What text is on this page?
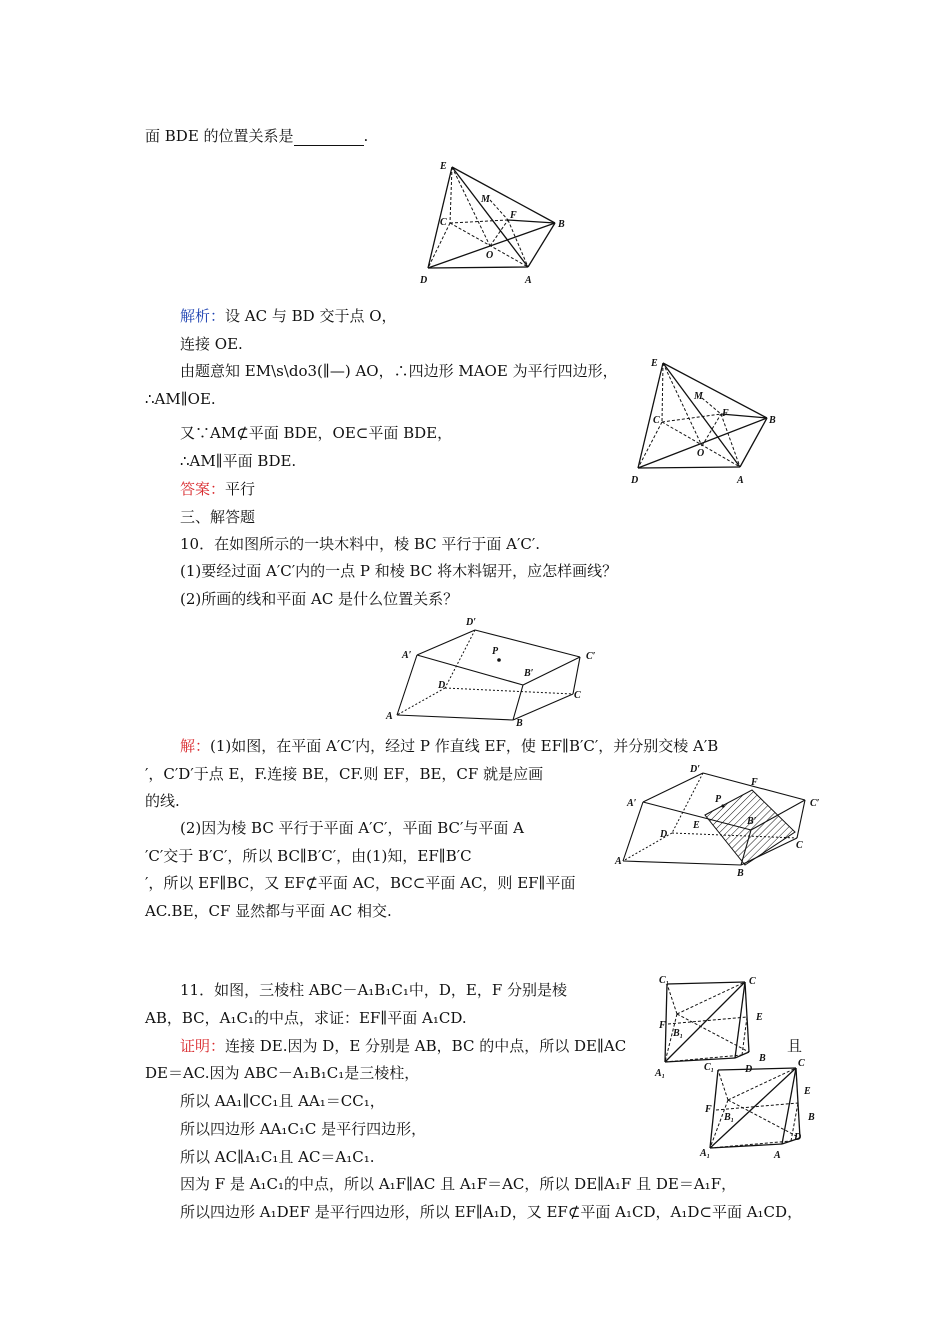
面 BDE 的位置关系是	.
E
M
F
C	B
O
D	A
解析：设 AC 与 BD 交于点 O，
连接 OE.
由题意知 EM\s\do3(∥—) AO，∴四边形 MAOE 为平行四边形，
∴AM∥OE.
又∵AM⊄平面 BDE，OE⊂平面 BDE，
∴AM∥平面 BDE.
答案：平行
E
M
F
C	B
O
D	A
三、解答题
10．在如图所示的一块木料中，棱 BC 平行于面 A′C′.
(1)要经过面 A′C′内的一点 P 和棱 BC 将木料锯开，应怎样画线？
(2)所画的线和平面 AC 是什么位置关系？
D′
A′	P
B′
C′
D
C
A
B
解：(1)如图，在平面 A′C′内，经过 P 作直线 EF，使 EF∥B′C′，并分别交棱 A′B
′，C′D′于点 E，F.连接 BE，CF.则 EF，BE，CF 就是应画
的线.
(2)因为棱 BC 平行于平面 A′C′，平面 BC′与平面 A
′C′交于 B′C′，所以 BC∥B′C′，由(1)知，EF∥B′C
′，所以 EF∥BC，又 EF⊄平面 AC，BC⊂平面 AC，则 EF∥平面
AC.BE，CF 显然都与平面 AC 相交.
D′
F
A′	P	C′
E	B′
D
C
A
B
11．如图，三棱柱 ABC－A₁B₁C₁中，D，E，F 分别是棱
AB，BC，A₁C₁的中点，求证：EF∥平面 A₁CD.
证明：连接 DE.因为 D，E 分别是 AB，BC 的中点，所以 DE∥AC	且
DE＝AC.因为 ABC－A₁B₁C₁是三棱柱，
所以 AA₁∥CC₁且 AA₁＝CC₁，
所以四边形 AA₁C₁C 是平行四边形，
所以 AC∥A₁C₁且 AC＝A₁C₁.
因为 F 是 A₁C₁的中点，所以 A₁F∥AC 且 A₁F＝AC，所以 DE∥A₁F 且 DE＝A₁F，
所以四边形 A₁DEF 是平行四边形，所以 EF∥A₁D，又 EF⊄平面 A₁CD，A₁D⊂平面 A₁CD，
C₁	C
E
F
B₁
B
D
A₁
C₁	C
E
F
B₁	B
D
A₁	A
